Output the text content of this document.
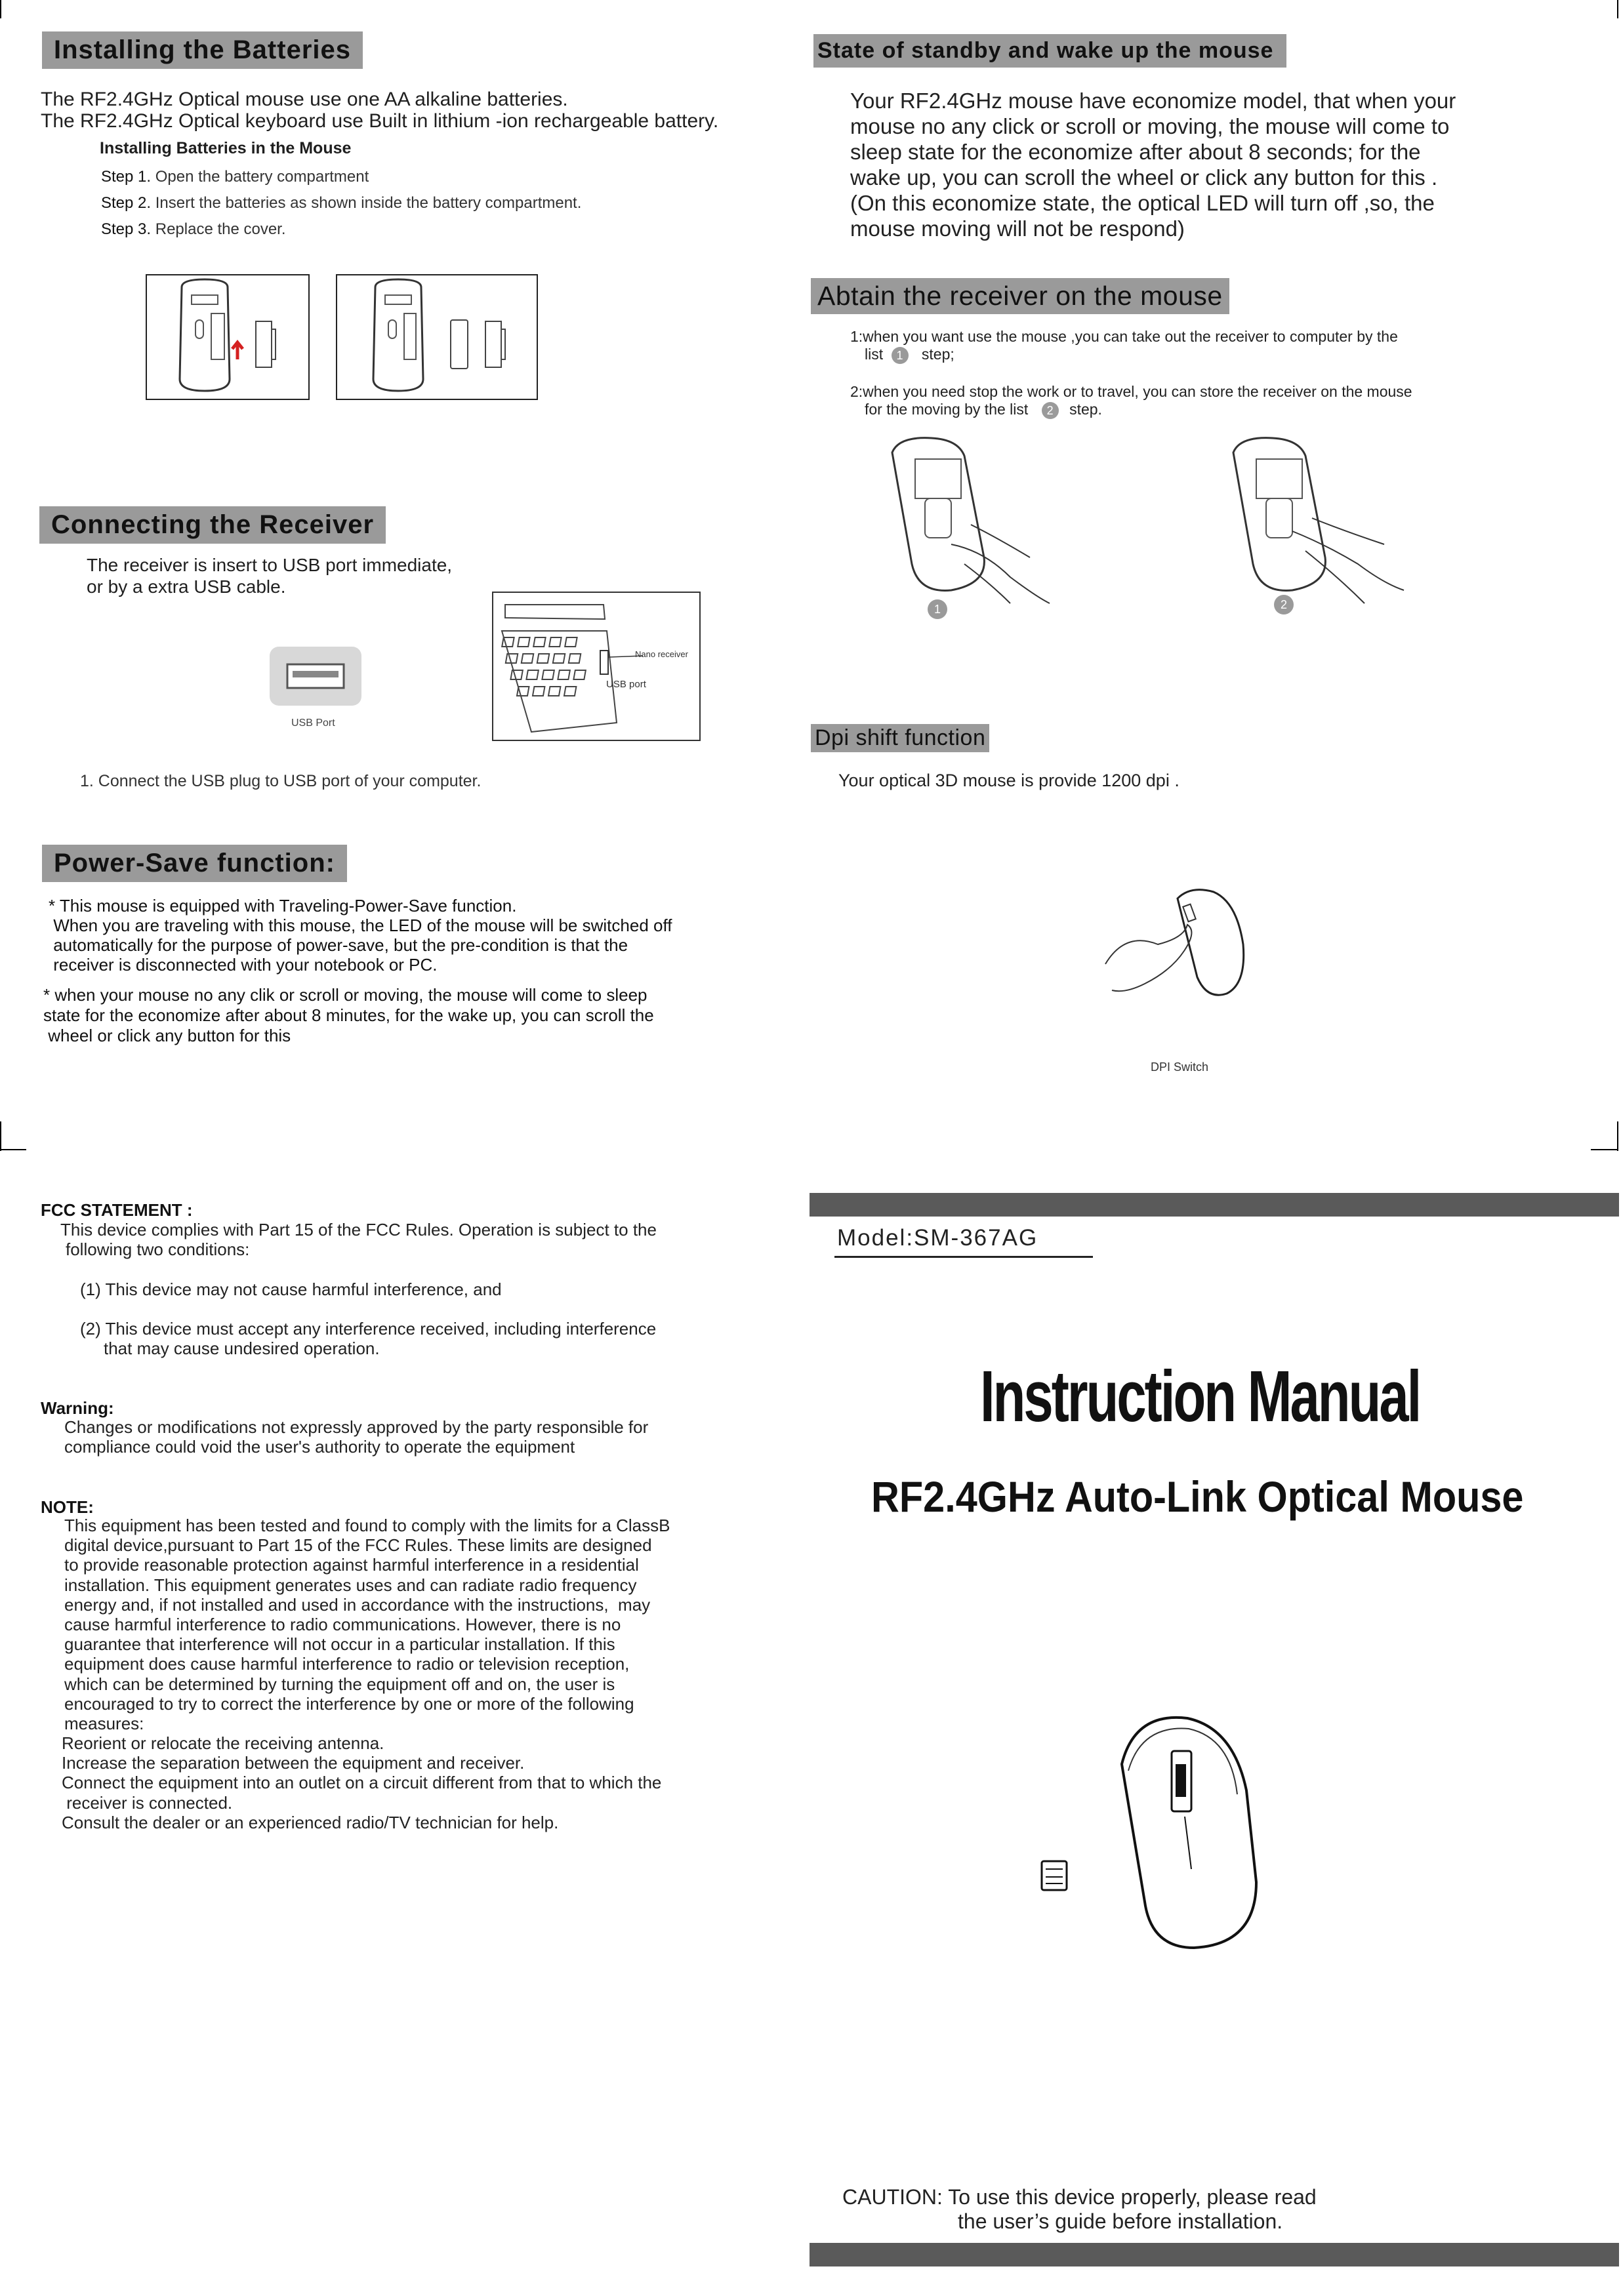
Installing the Batteries
The RF2.4GHz Optical mouse use one AA alkaline batteries.
The RF2.4GHz Optical keyboard use Built in lithium -ion rechargeable battery.
Installing Batteries in the Mouse
Step 1. Open the battery compartment
Step 2. Insert the batteries as shown inside the battery compartment.
Step 3. Replace the cover.
Connecting the Receiver
The receiver is insert to USB port immediate,
or by a extra USB cable.
USB Port
Nano receiver
USB port
1. Connect the USB plug to USB port of your computer.
Power-Save function:
* This mouse is equipped with Traveling-Power-Save function.
When you are traveling with this mouse, the LED of the mouse will be switched off
automatically for the purpose of power-save, but the pre-condition is that the
receiver is disconnected with your notebook or PC.
* when your mouse no any clik or scroll or moving, the mouse will come to sleep
state for the economize after about 8 minutes, for the wake up, you can scroll the
wheel or click any button for this
State of standby and wake up the mouse
Your RF2.4GHz mouse have economize model, that when your
mouse no any click or scroll or moving, the mouse will come to
sleep state for the economize after about 8 seconds; for the
wake up, you can scroll the wheel or click any button for this .
(On this economize state, the optical LED will turn off ,so, the
mouse moving will not be respond)
Abtain the receiver on the mouse
1:when you want use the mouse ,you can take out the receiver to computer by the
list 1 step;
2:when you need stop the work or to travel, you can store the receiver on the mouse
for the moving by the list 2 step.
1	2
Dpi shift function
Your optical 3D mouse is provide 1200 dpi .
DPI Switch
FCC STATEMENT :
This device complies with Part 15 of the FCC Rules. Operation is subject to the
following two conditions:
(1) This device may not cause harmful interference, and
(2) This device must accept any interference received, including interference
that may cause undesired operation.
Warning:
Changes or modifications not expressly approved by the party responsible for
compliance could void the user's authority to operate the equipment
NOTE:
This equipment has been tested and found to comply with the limits for a ClassB
digital device,pursuant to Part 15 of the FCC Rules. These limits are designed
to provide reasonable protection against harmful interference in a residential
installation. This equipment generates uses and can radiate radio frequency
energy and, if not installed and used in accordance with the instructions,  may
cause harmful interference to radio communications. However, there is no
guarantee that interference will not occur in a particular installation. If this
equipment does cause harmful interference to radio or television reception,
which can be determined by turning the equipment off and on, the user is
encouraged to try to correct the interference by one or more of the following
measures:
Reorient or relocate the receiving antenna.
Increase the separation between the equipment and receiver.
Connect the equipment into an outlet on a circuit different from that to which the
receiver is connected.
Consult the dealer or an experienced radio/TV technician for help.
Model:SM-367AG
Instruction Manual
RF2.4GHz Auto-Link Optical Mouse
CAUTION: To use this device properly, please read
the user’s guide before installation.
